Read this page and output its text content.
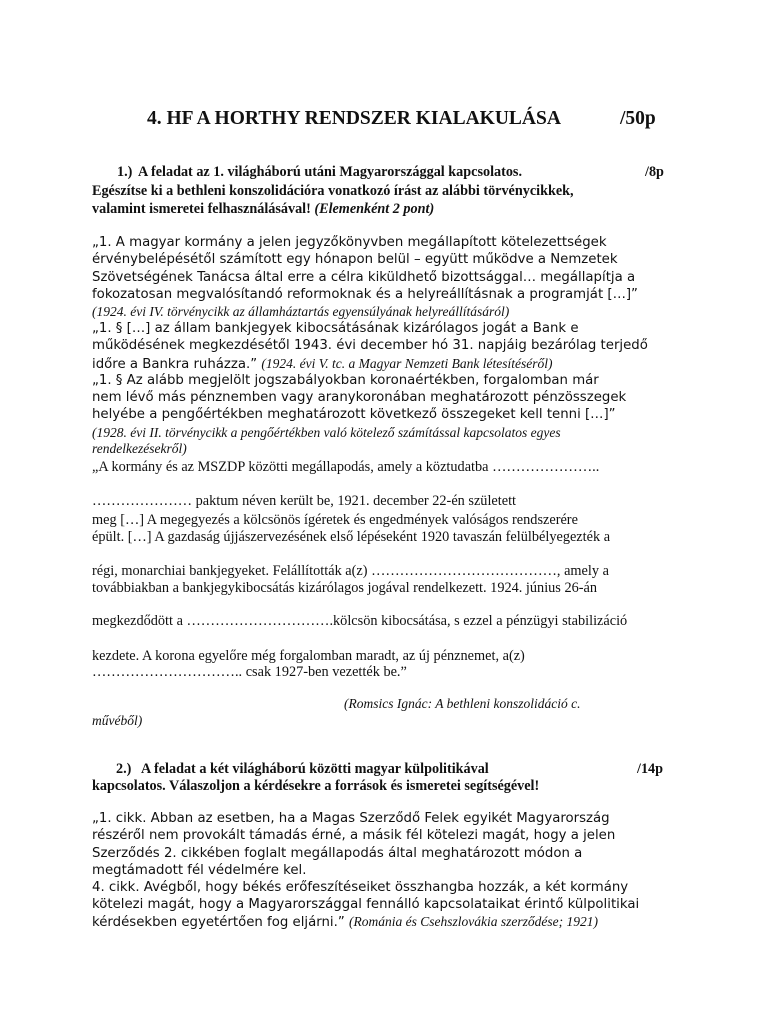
4. HF A HORTHY RENDSZER KIALAKULÁSA	/50p
1.) A feladat az 1. világháború utáni Magyarországgal kapcsolatos.	/8p
Egészítse ki a bethleni konszolidációra vonatkozó írást az alábbi törvénycikkek,
valamint ismeretei felhasználásával! (Elemenként 2 pont)
„1. A magyar kormány a jelen jegyzőkönyvben megállapított kötelezettségek
érvénybelépésétől számított egy hónapon belül – együtt működve a Nemzetek
Szövetségének Tanácsa által erre a célra kiküldhető bizottsággal… megállapítja a
fokozatosan megvalósítandó reformoknak és a helyreállításnak a programját […]”
(1924. évi IV. törvénycikk az államháztartás egyensúlyának helyreállításáról)
„1. § […] az állam bankjegyek kibocsátásának kizárólagos jogát a Bank e
működésének megkezdésétől 1943. évi december hó 31. napjáig bezárólag terjedő
időre a Bankra ruházza.” (1924. évi V. tc. a Magyar Nemzeti Bank létesítéséről)
„1. § Az alább megjelölt jogszabályokban koronaértékben, forgalomban már
nem lévő más pénznemben vagy aranykoronában meghatározott pénzösszegek
helyébe a pengőértékben meghatározott következő összegeket kell tenni […]”
(1928. évi II. törvénycikk a pengőértékben való kötelező számítással kapcsolatos egyes
rendelkezésekről)
„A kormány és az MSZDP közötti megállapodás, amely a köztudatba …………………..
………………… paktum néven került be, 1921. december 22-én született
meg […] A megegyezés a kölcsönös ígéretek és engedmények valóságos rendszerére
épült. […] A gazdaság újjászervezésének első lépéseként 1920 tavaszán felülbélyegezték a
régi, monarchiai bankjegyeket. Felállították a(z) …………………………………, amely a
továbbiakban a bankjegykibocsátás kizárólagos jogával rendelkezett. 1924. június 26-án
megkezdődött a ………………………….kölcsön kibocsátása, s ezzel a pénzügyi stabilizáció
kezdete. A korona egyelőre még forgalomban maradt, az új pénznemet, a(z)
………………………….. csak 1927-ben vezették be.”
(Romsics Ignác: A bethleni konszolidáció c.
művéből)
2.) A feladat a két világháború közötti magyar külpolitikával	/14p
kapcsolatos. Válaszoljon a kérdésekre a források és ismeretei segítségével!
„1. cikk. Abban az esetben, ha a Magas Szerződő Felek egyikét Magyarország
részéről nem provokált támadás érné, a másik fél kötelezi magát, hogy a jelen
Szerződés 2. cikkében foglalt megállapodás által meghatározott módon a
megtámadott fél védelmére kel.
4. cikk. Avégből, hogy békés erőfeszítéseiket összhangba hozzák, a két kormány
kötelezi magát, hogy a Magyarországgal fennálló kapcsolataikat érintő külpolitikai
kérdésekben egyetértően fog eljárni.” (Románia és Csehszlovákia szerződése; 1921)
